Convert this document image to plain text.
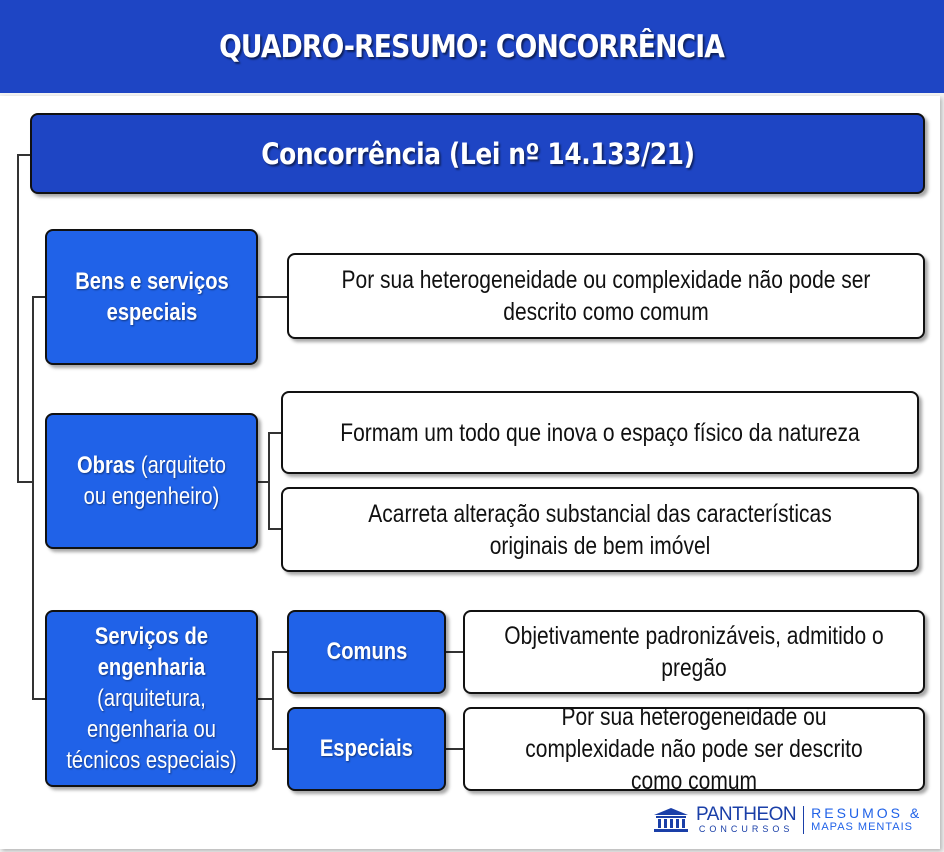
QUADRO-RESUMO: CONCORRÊNCIA
Concorrência (Lei nº 14.133/21)
Bens e serviços especiais
Obras (arquiteto ou engenheiro)
Serviços de engenharia (arquitetura, engenharia ou técnicos especiais)
Comuns
Especiais
Por sua heterogeneidade ou complexidade não pode ser descrito como comum
Formam um todo que inova o espaço físico da natureza
Acarreta alteração substancial das características originais de bem imóvel
Objetivamente padronizáveis, admitido o pregão
Por sua heterogeneidade ou complexidade não pode ser descrito como comum
PANTHEON
CONCURSOS
RESUMOS &
MAPAS MENTAIS
